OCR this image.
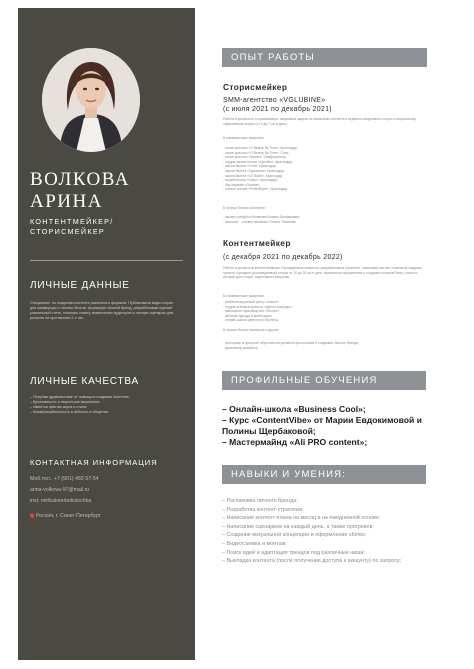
ВОЛКОВА
АРИНА
КОНТЕНТМЕЙКЕР/
СТОРИСМЕЙКЕР
ЛИЧНЫЕ ДАННЫЕ
Специалист по созданию контента различного формата. Публиковала виды сторис для коммерции и личных блогов, формирую личный бренд, разрабатываю единый уникальный стиль, помогаю охвату, вовлечению аудитории и личную сценарии для роликов на протяжении 2-х лет.
ЛИЧНЫЕ КАЧЕСТВА
– Получаю удовольствие от помощи в создании контента;
– Креативность и творческое мышление;
– Имеется чувство вкуса и стиля;
– Коммуникабельность и гибкость в общении.
КОНТАКТНАЯ ИНФОРМАЦИЯ
Моб.тел.: +7 (901) 482-57-54
arina-volkova-97@mail.ru
inst: miribakeerbolistochka
Россия, г. Санкт-Петербург
ОПЫТ РАБОТЫ
Сторисмейкер
SMM-агентство «VGLUBINE»
(с июля 2021 по декабрь 2021)
Работа в должности сторисмейкера, закрывала задачи по написанию контента и ведению ежедневных сторис и визуальному оформлению сторис (от 3 до 7 шт в день).
В коммерческих аккаунтах:
- салон красоты «O Beauty By Time», Краснодар;
- салон красоты «O Beauty By Time», Сочи;
- салон красоты «Mavtin», Симферополь;
- студия косметологии «Lipchiko», Краснодар;
- школа балета «Cosi», Краснодар;
- школа балета «Гармония», Краснодар;
- школа балета «LE Ballet», Краснодар;
- косметология «Kalmi», Краснодар;
- бар-караоке «Gamba»;
- полное ателье «PuffedEyes», Краснодар.
В личных блогах экспертов:
- эксперт-хендбол Фаханова Божена Беладжовна;
- психолог - стилист-визажист Гизела Тихонова.
Контентмейкер
(с декабря 2021 по декабрь 2022)
Работа в должности контентмейкера. Распределяла сегменты, разрабатывала стратегии, написание контент-планов по каждому проекту, сценарии для ежедневной сторис от 15 до 20 шт в день, визуальное оформление и создание роликов Reels, статьи и истории для сторис, подготовка к запускам.
В коммерческих аккаунтах:
- реабилитационный центр «Алеко»;
- студия оттенков красоты «Цветы природы»;
- ювелирное производство «Gemini»;
- женская одежда и аксессуары;
- онлайн-школа цветочного бизнеса.
В личных блогах экспертов и других:
- фотограф, в процессе обучения интуитивной фотосъемке и созданию личного бренда;
- архитектор-дизайнер.
ПРОФИЛЬНЫЕ ОБУЧЕНИЯ
– Онлайн-школа «Business Cool»;
– Курс «ContentVibe» от Марии Евдокимовой и Полины Щербаковой;
– Мастермайнд «Ali PRO content»;
НАВЫКИ И УМЕНИЯ:
– Распаковка личного бренда;
– Разработка контент-стратегии;
– Написание контент-плана на месяц и на ежедневной основе;
– Написание сценариев на каждый день, а также прогревов;
– Создание визуальной концепции и оформление stories;
– Видеосъемка и монтаж;
– Поиск идей и адаптация трендов под различные ниши;
– Выкладка контента (после получения доступа к аккаунту) по запросу;
